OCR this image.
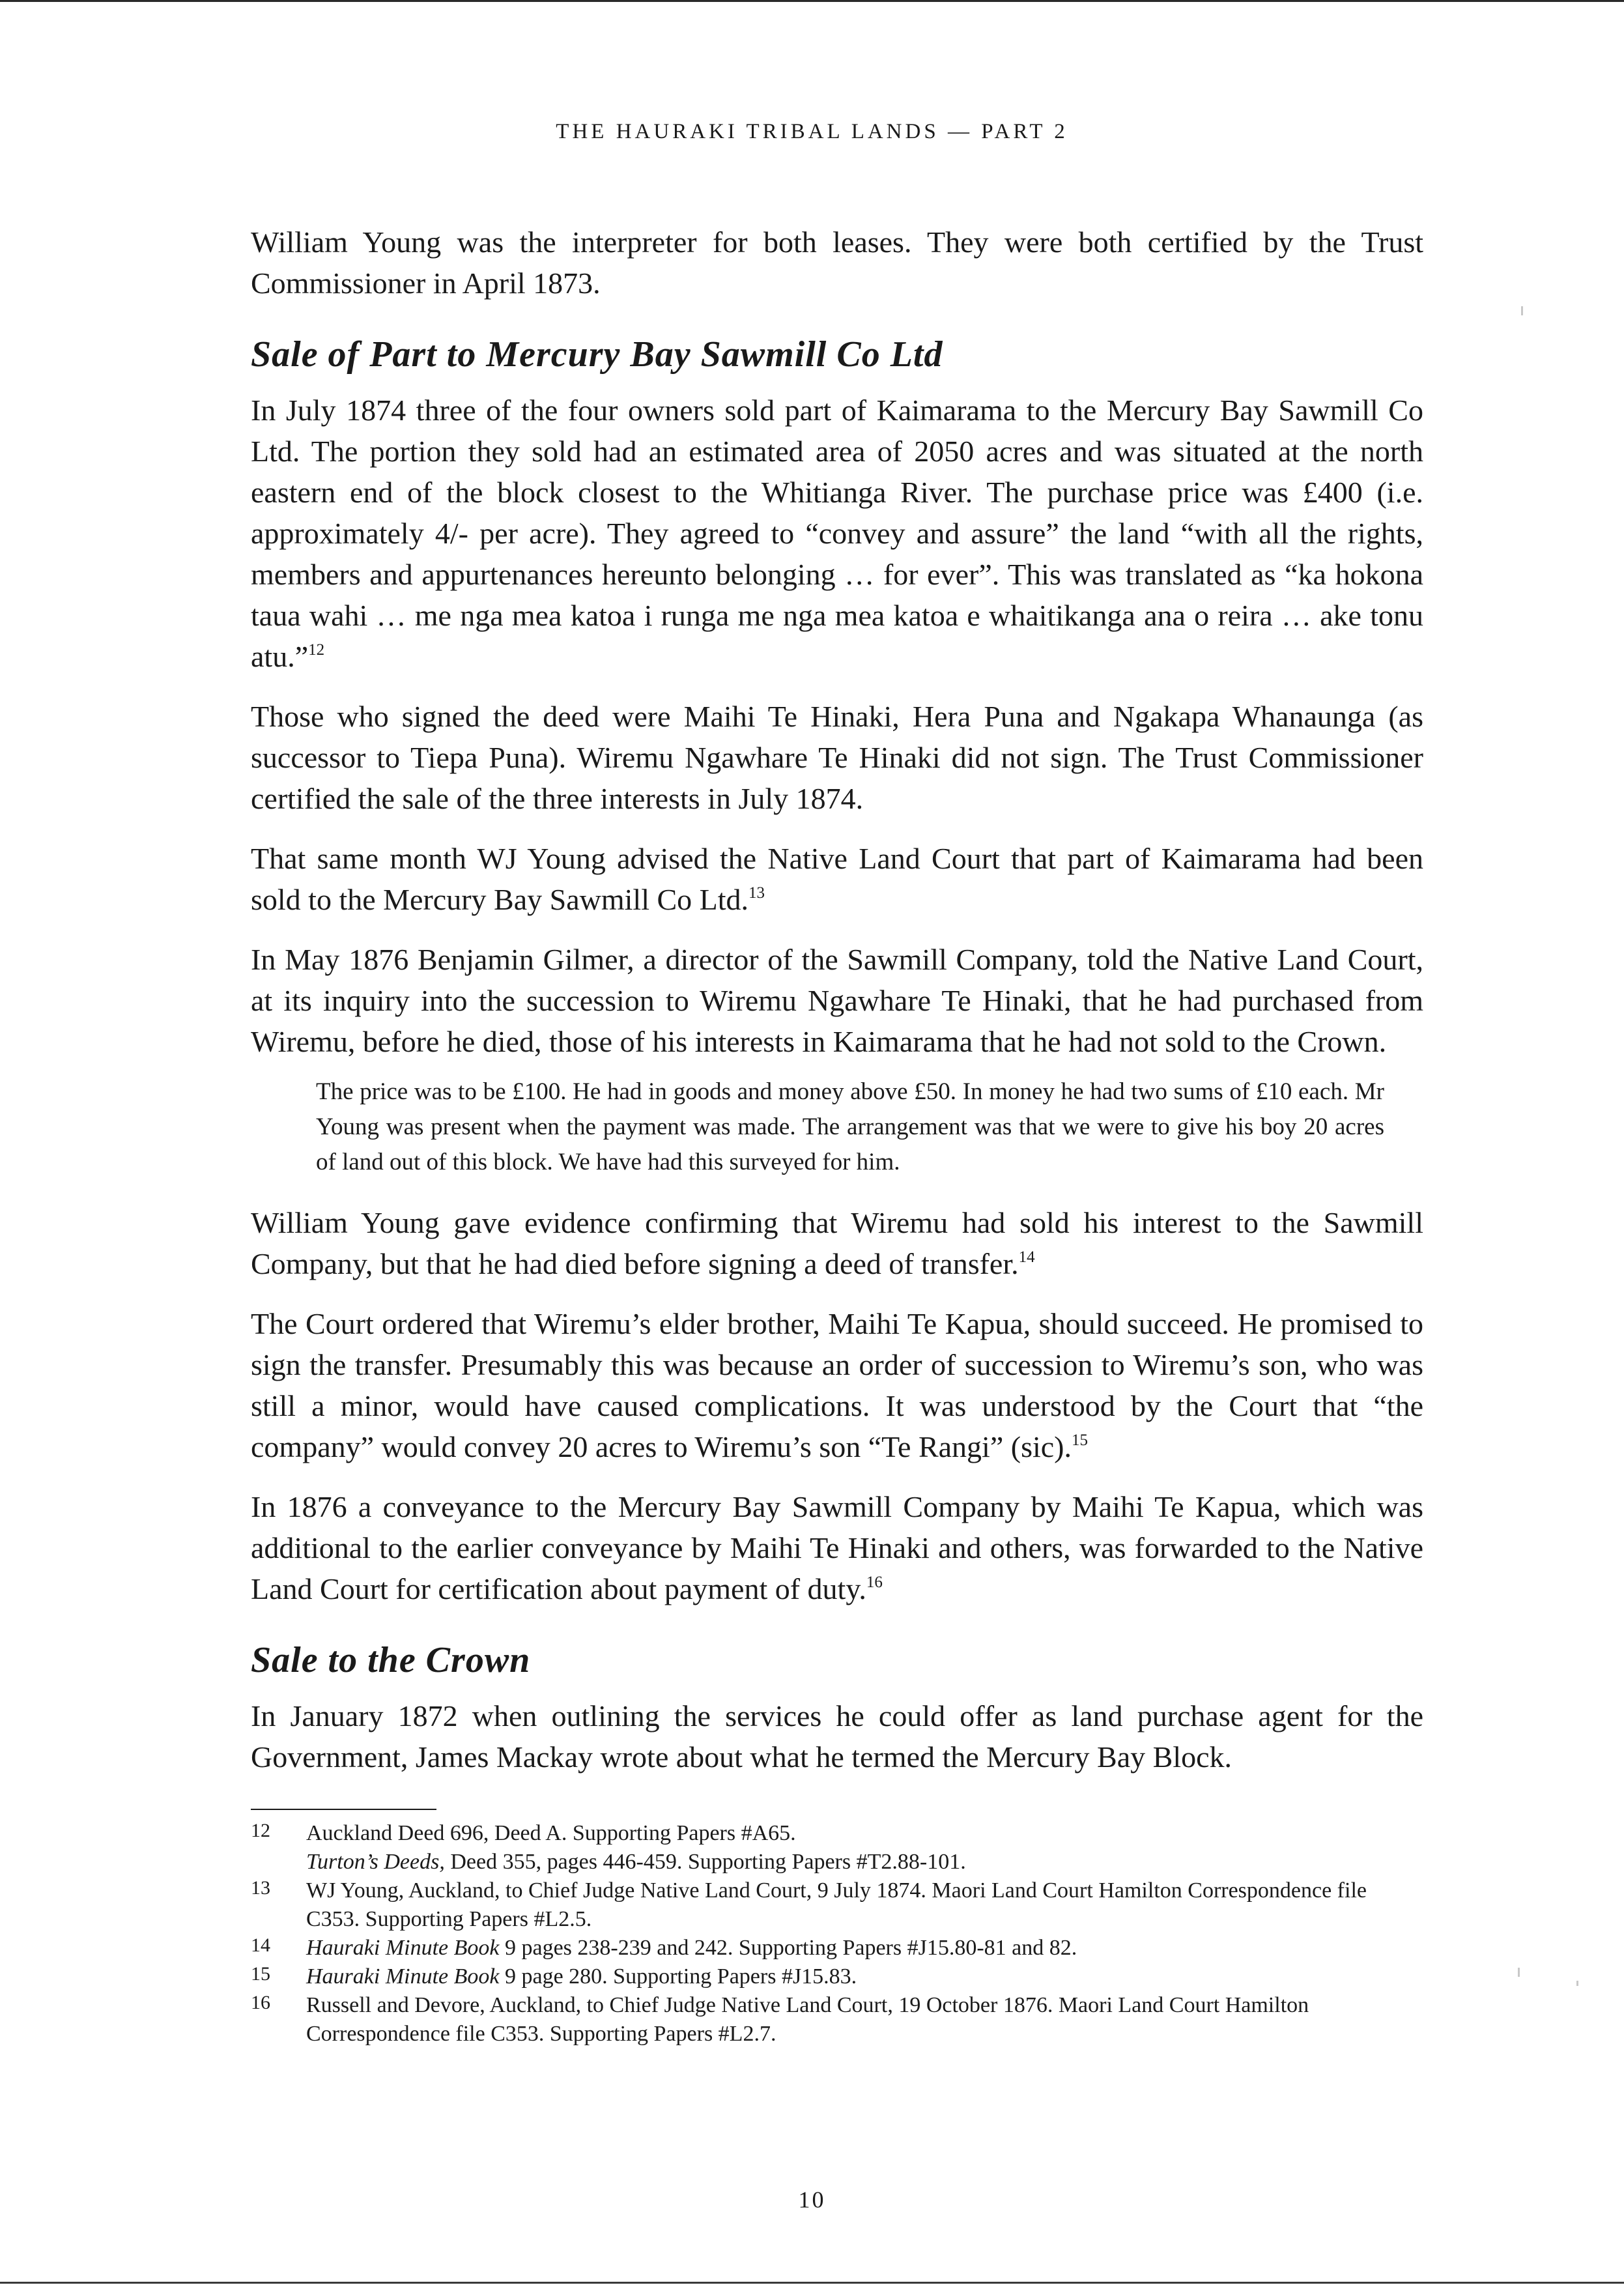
THE HAURAKI TRIBAL LANDS — PART 2

William Young was the interpreter for both leases. They were both certified by the Trust Commissioner in April 1873.

Sale of Part to Mercury Bay Sawmill Co Ltd

In July 1874 three of the four owners sold part of Kaimarama to the Mercury Bay Sawmill Co Ltd. The portion they sold had an estimated area of 2050 acres and was situated at the north eastern end of the block closest to the Whitianga River. The purchase price was £400 (i.e. approximately 4/- per acre). They agreed to “convey and assure” the land “with all the rights, members and appurtenances hereunto belonging … for ever”. This was translated as “ka hokona taua wahi … me nga mea katoa i runga me nga mea katoa e whaitikanga ana o reira … ake tonu atu.”$^{12}$

Those who signed the deed were Maihi Te Hinaki, Hera Puna and Ngakapa Whanaunga (as successor to Tiepa Puna). Wiremu Ngawhare Te Hinaki did not sign. The Trust Commissioner certified the sale of the three interests in July 1874.

That same month WJ Young advised the Native Land Court that part of Kaimarama had been sold to the Mercury Bay Sawmill Co Ltd.$^{13}$

In May 1876 Benjamin Gilmer, a director of the Sawmill Company, told the Native Land Court, at its inquiry into the succession to Wiremu Ngawhare Te Hinaki, that he had purchased from Wiremu, before he died, those of his interests in Kaimarama that he had not sold to the Crown.

The price was to be £100. He had in goods and money above £50. In money he had two sums of £10 each. Mr Young was present when the payment was made. The arrangement was that we were to give his boy 20 acres of land out of this block. We have had this surveyed for him.

William Young gave evidence confirming that Wiremu had sold his interest to the Sawmill Company, but that he had died before signing a deed of transfer.$^{14}$

The Court ordered that Wiremu’s elder brother, Maihi Te Kapua, should succeed. He promised to sign the transfer. Presumably this was because an order of succession to Wiremu’s son, who was still a minor, would have caused complications. It was understood by the Court that “the company” would convey 20 acres to Wiremu’s son “Te Rangi” (sic).$^{15}$

In 1876 a conveyance to the Mercury Bay Sawmill Company by Maihi Te Kapua, which was additional to the earlier conveyance by Maihi Te Hinaki and others, was forwarded to the Native Land Court for certification about payment of duty.$^{16}$

Sale to the Crown

In January 1872 when outlining the services he could offer as land purchase agent for the Government, James Mackay wrote about what he termed the Mercury Bay Block.

12 Auckland Deed 696, Deed A. Supporting Papers #A65.
Turton’s Deeds, Deed 355, pages 446-459. Supporting Papers #T2.88-101.
13 WJ Young, Auckland, to Chief Judge Native Land Court, 9 July 1874. Maori Land Court Hamilton Correspondence file C353. Supporting Papers #L2.5.
14 Hauraki Minute Book 9 pages 238-239 and 242. Supporting Papers #J15.80-81 and 82.
15 Hauraki Minute Book 9 page 280. Supporting Papers #J15.83.
16 Russell and Devore, Auckland, to Chief Judge Native Land Court, 19 October 1876. Maori Land Court Hamilton Correspondence file C353. Supporting Papers #L2.7.
10
